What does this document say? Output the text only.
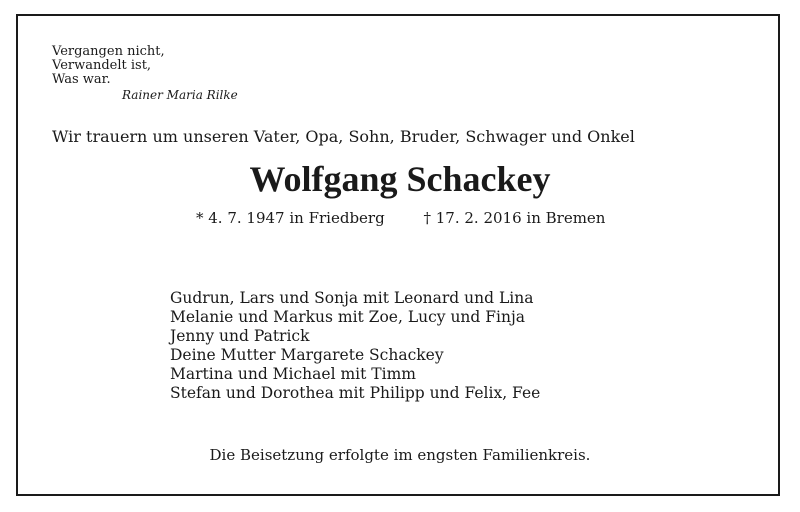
Vergangen nicht,
Verwandelt ist,
Was war.
Rainer Maria Rilke
Wir trauern um unseren Vater, Opa, Sohn, Bruder, Schwager und Onkel
Wolfgang Schackey
* 4. 7. 1947 in Friedberg	† 17. 2. 2016 in Bremen
Gudrun, Lars und Sonja mit Leonard und Lina
Melanie und Markus mit Zoe, Lucy und Finja
Jenny und Patrick
Deine Mutter Margarete Schackey
Martina und Michael mit Timm
Stefan und Dorothea mit Philipp und Felix, Fee
Die Beisetzung erfolgte im engsten Familienkreis.
